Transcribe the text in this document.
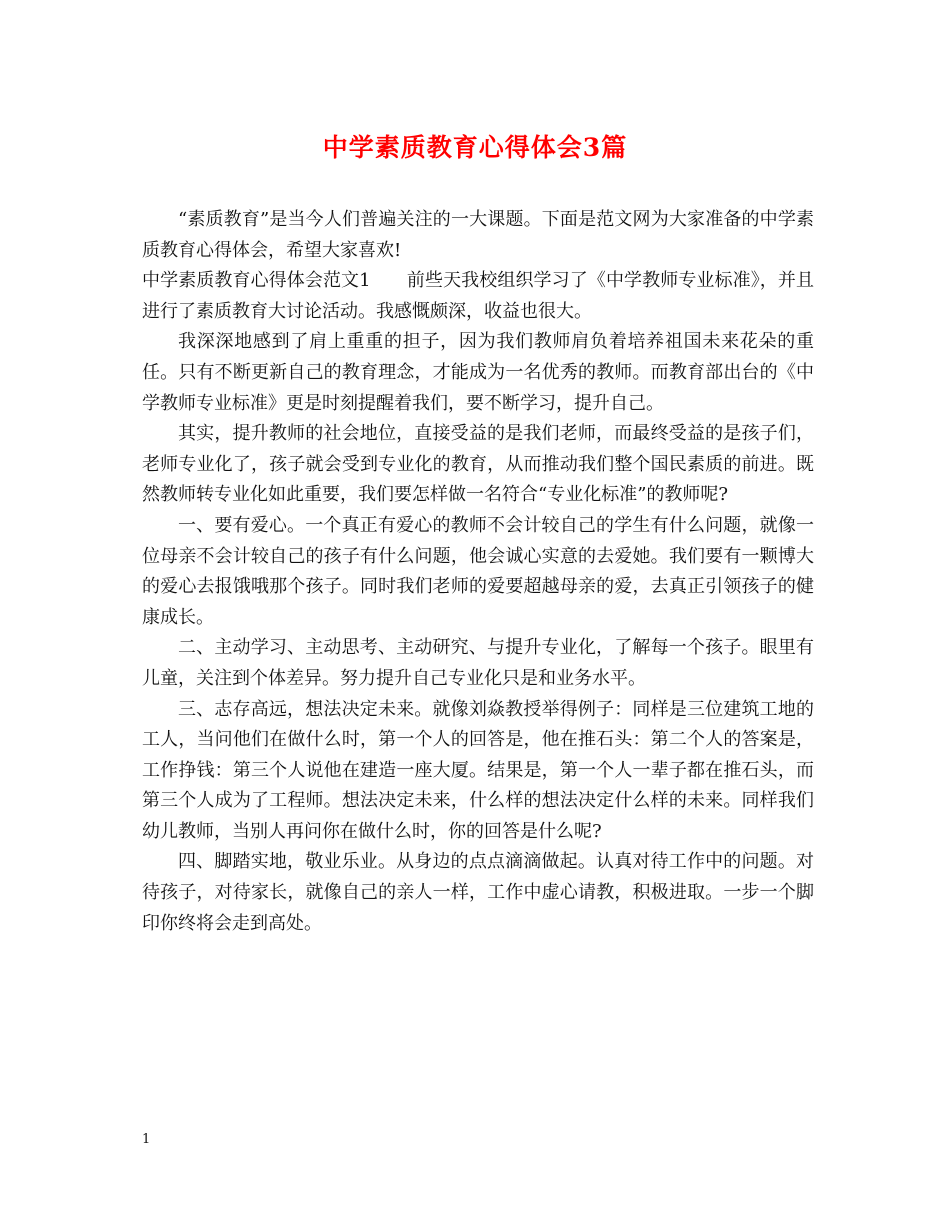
中学素质教育心得体会3篇

“素质教育”是当今人们普遍关注的一大课题。下面是范文网为大家准备的中学素质教育心得体会，希望大家喜欢!

中学素质教育心得体会范文1　　前些天我校组织学习了《中学教师专业标准》，并且进行了素质教育大讨论活动。我感慨颇深，收益也很大。

我深深地感到了肩上重重的担子，因为我们教师肩负着培养祖国未来花朵的重任。只有不断更新自己的教育理念，才能成为一名优秀的教师。而教育部出台的《中学教师专业标准》更是时刻提醒着我们，要不断学习，提升自己。

其实，提升教师的社会地位，直接受益的是我们老师，而最终受益的是孩子们，老师专业化了，孩子就会受到专业化的教育，从而推动我们整个国民素质的前进。既然教师转专业化如此重要，我们要怎样做一名符合“专业化标准”的教师呢?

一、要有爱心。一个真正有爱心的教师不会计较自己的学生有什么问题，就像一位母亲不会计较自己的孩子有什么问题，他会诚心实意的去爱她。我们要有一颗博大的爱心去报饿哦那个孩子。同时我们老师的爱要超越母亲的爱，去真正引领孩子的健康成长。

二、主动学习、主动思考、主动研究、与提升专业化，了解每一个孩子。眼里有儿童，关注到个体差异。努力提升自己专业化只是和业务水平。

三、志存高远，想法决定未来。就像刘焱教授举得例子：同样是三位建筑工地的工人，当问他们在做什么时，第一个人的回答是，他在推石头：第二个人的答案是，工作挣钱：第三个人说他在建造一座大厦。结果是，第一个人一辈子都在推石头，而第三个人成为了工程师。想法决定未来，什么样的想法决定什么样的未来。同样我们幼儿教师，当别人再问你在做什么时，你的回答是什么呢?

四、脚踏实地，敬业乐业。从身边的点点滴滴做起。认真对待工作中的问题。对待孩子，对待家长，就像自己的亲人一样，工作中虚心请教，积极进取。一步一个脚印你终将会走到高处。

1
